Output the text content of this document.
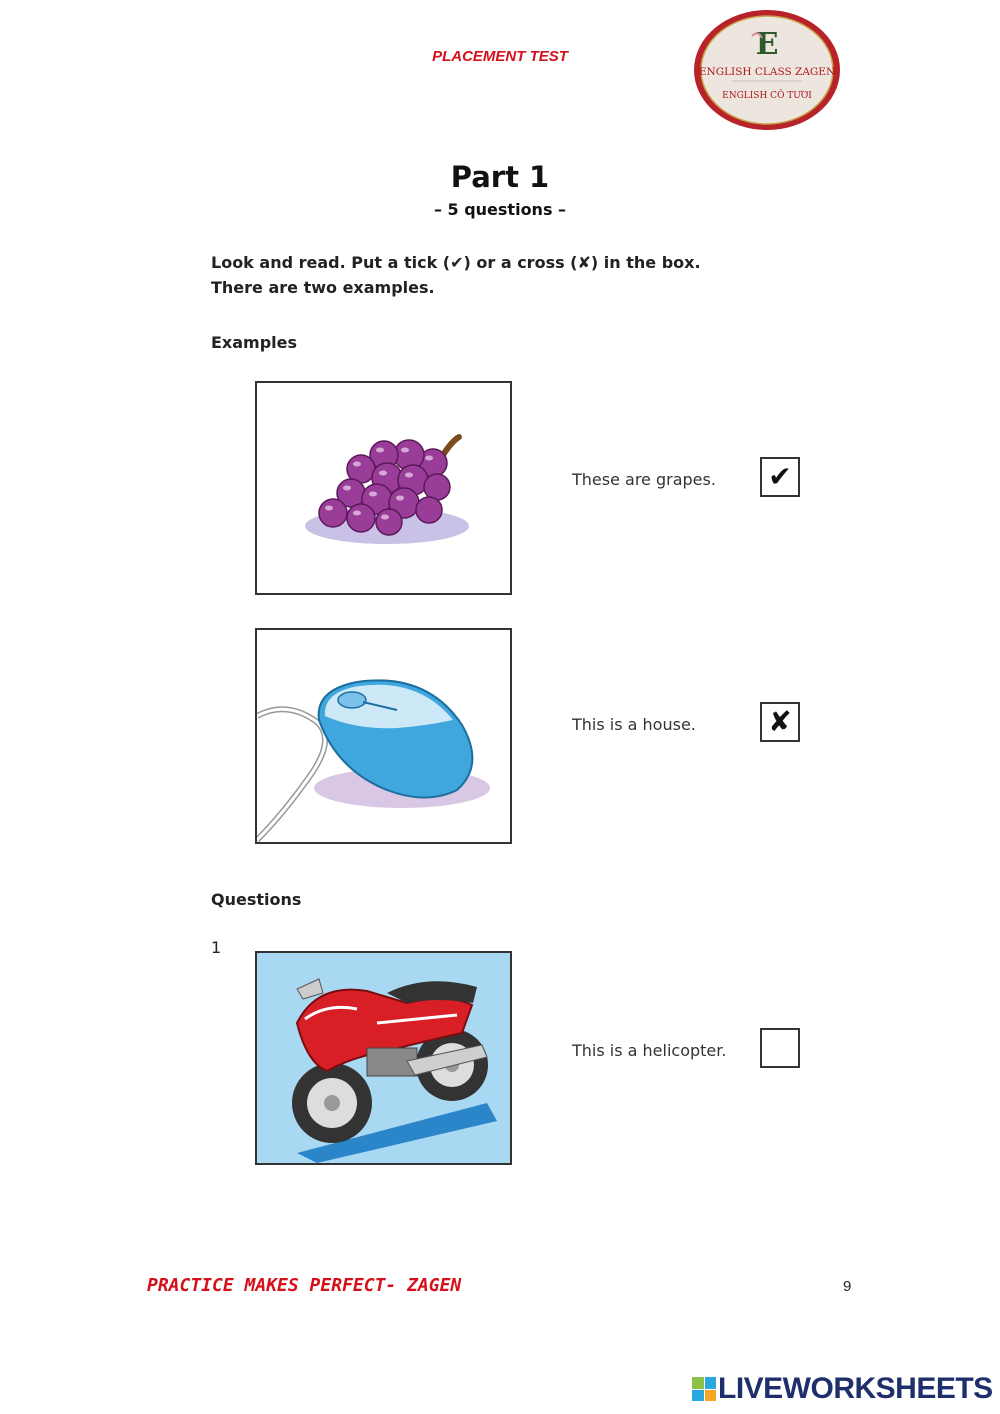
PLACEMENT TEST	E
ENGLISH CLASS ZAGEN
ENGLISH CÔ TƯƠI
Part 1
– 5 questions –
Look and read. Put a tick (✔) or a cross (✘) in the box.
There are two examples.
Examples
These are grapes. ✔
This is a house.	✘
Questions
1
This is a helicopter.
PRACTICE MAKES PERFECT- ZAGEN	9
LIVEWORKSHEETS
